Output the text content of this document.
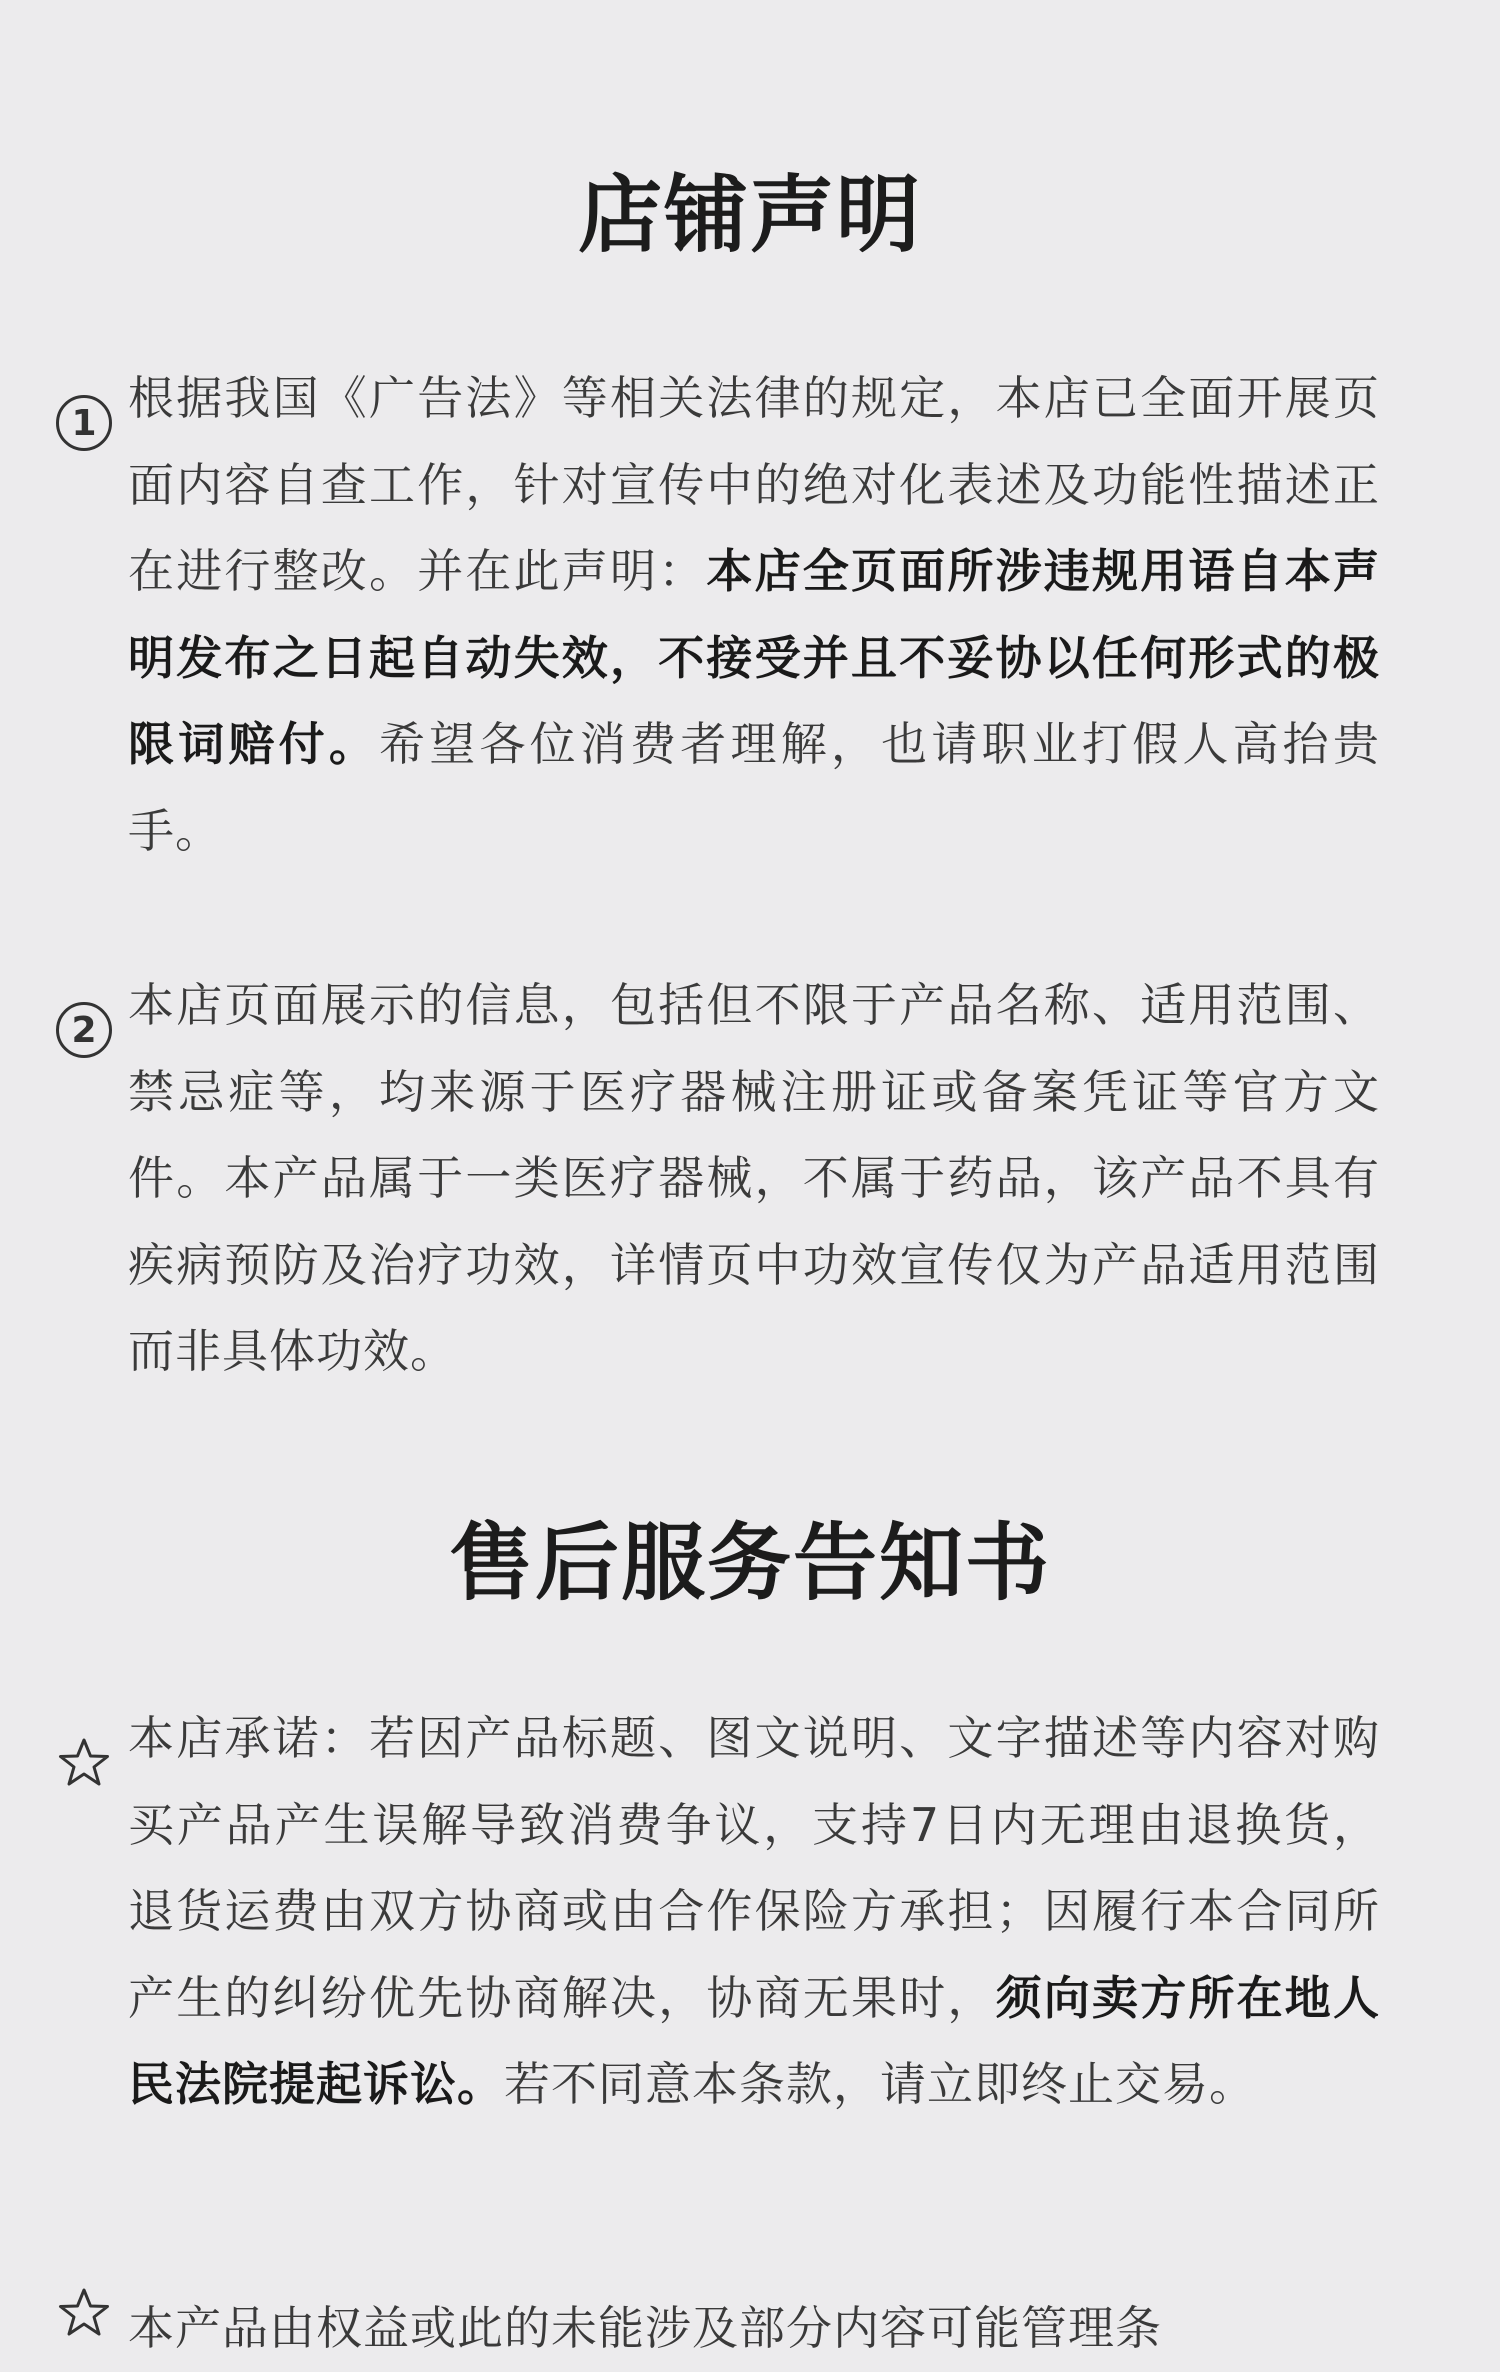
店铺声明
1 根据我国《广告法》等相关法律的规定，本店已全面开展页面内容自查工作，针对宣传中的绝对化表述及功能性描述正在进行整改。并在此声明：本店全页面所涉违规用语自本声明发布之日起自动失效，不接受并且不妥协以任何形式的极限词赔付。希望各位消费者理解，也请职业打假人高抬贵手。
2 本店页面展示的信息，包括但不限于产品名称、适用范围、禁忌症等，均来源于医疗器械注册证或备案凭证等官方文件。本产品属于一类医疗器械，不属于药品，该产品不具有疾病预防及治疗功效，详情页中功效宣传仅为产品适用范围而非具体功效。
售后服务告知书
本店承诺：若因产品标题、图文说明、文字描述等内容对购买产品产生误解导致消费争议，支持7日内无理由退换货，退货运费由双方协商或由合作保险方承担；因履行本合同所产生的纠纷优先协商解决，协商无果时，须向卖方所在地人民法院提起诉讼。若不同意本条款，请立即终止交易。
本产品由权益或此的未能涉及部分内容可能管理条
